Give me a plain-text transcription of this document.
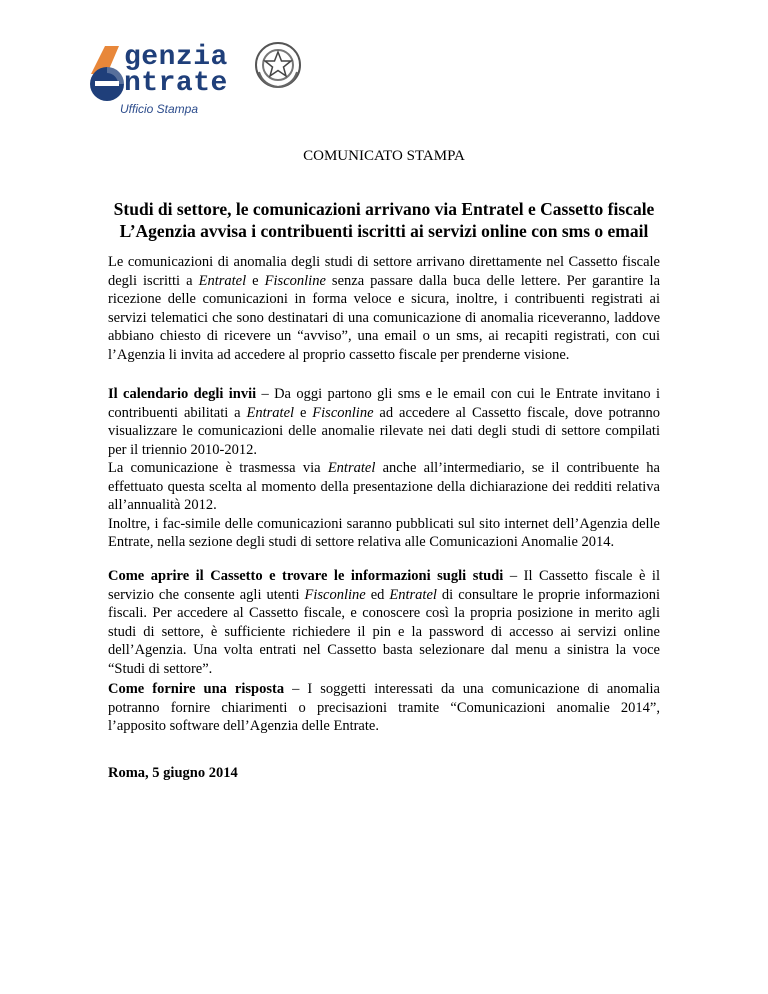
genzia
ntrate
Ufficio Stampa
COMUNICATO STAMPA
Studi di settore, le comunicazioni arrivano via Entratel e Cassetto fiscale
L’Agenzia avvisa i contribuenti iscritti ai servizi online con sms o email

Le comunicazioni di anomalia degli studi di settore arrivano direttamente nel Cassetto fiscale degli iscritti a Entratel e Fisconline senza passare dalla buca delle lettere. Per garantire la ricezione delle comunicazioni in forma veloce e sicura, inoltre, i contribuenti registrati ai servizi telematici che sono destinatari di una comunicazione di anomalia riceveranno, laddove abbiano chiesto di ricevere un “avviso”, una email o un sms, ai recapiti registrati, con cui l’Agenzia li invita ad accedere al proprio cassetto fiscale per prenderne visione.

Il calendario degli invii – Da oggi partono gli sms e le email con cui le Entrate invitano i contribuenti abilitati a Entratel e Fisconline ad accedere al Cassetto fiscale, dove potranno visualizzare le comunicazioni delle anomalie rilevate nei dati degli studi di settore compilati per il triennio 2010-2012.

La comunicazione è trasmessa via Entratel anche all’intermediario, se il contribuente ha effettuato questa scelta al momento della presentazione della dichiarazione dei redditi relativa all’annualità 2012.

Inoltre, i fac-simile delle comunicazioni saranno pubblicati sul sito internet dell’Agenzia delle Entrate, nella sezione degli studi di settore relativa alle Comunicazioni Anomalie 2014.

Come aprire il Cassetto e trovare le informazioni sugli studi – Il Cassetto fiscale è il servizio che consente agli utenti Fisconline ed Entratel di consultare le proprie informazioni fiscali. Per accedere al Cassetto fiscale, e conoscere così la propria posizione in merito agli studi di settore, è sufficiente richiedere il pin e la password di accesso ai servizi online dell’Agenzia. Una volta entrati nel Cassetto basta selezionare dal menu a sinistra la voce “Studi di settore”.

Come fornire una risposta – I soggetti interessati da una comunicazione di anomalia potranno fornire chiarimenti o precisazioni tramite “Comunicazioni anomalie 2014”, l’apposito software dell’Agenzia delle Entrate.

Roma, 5 giugno 2014
